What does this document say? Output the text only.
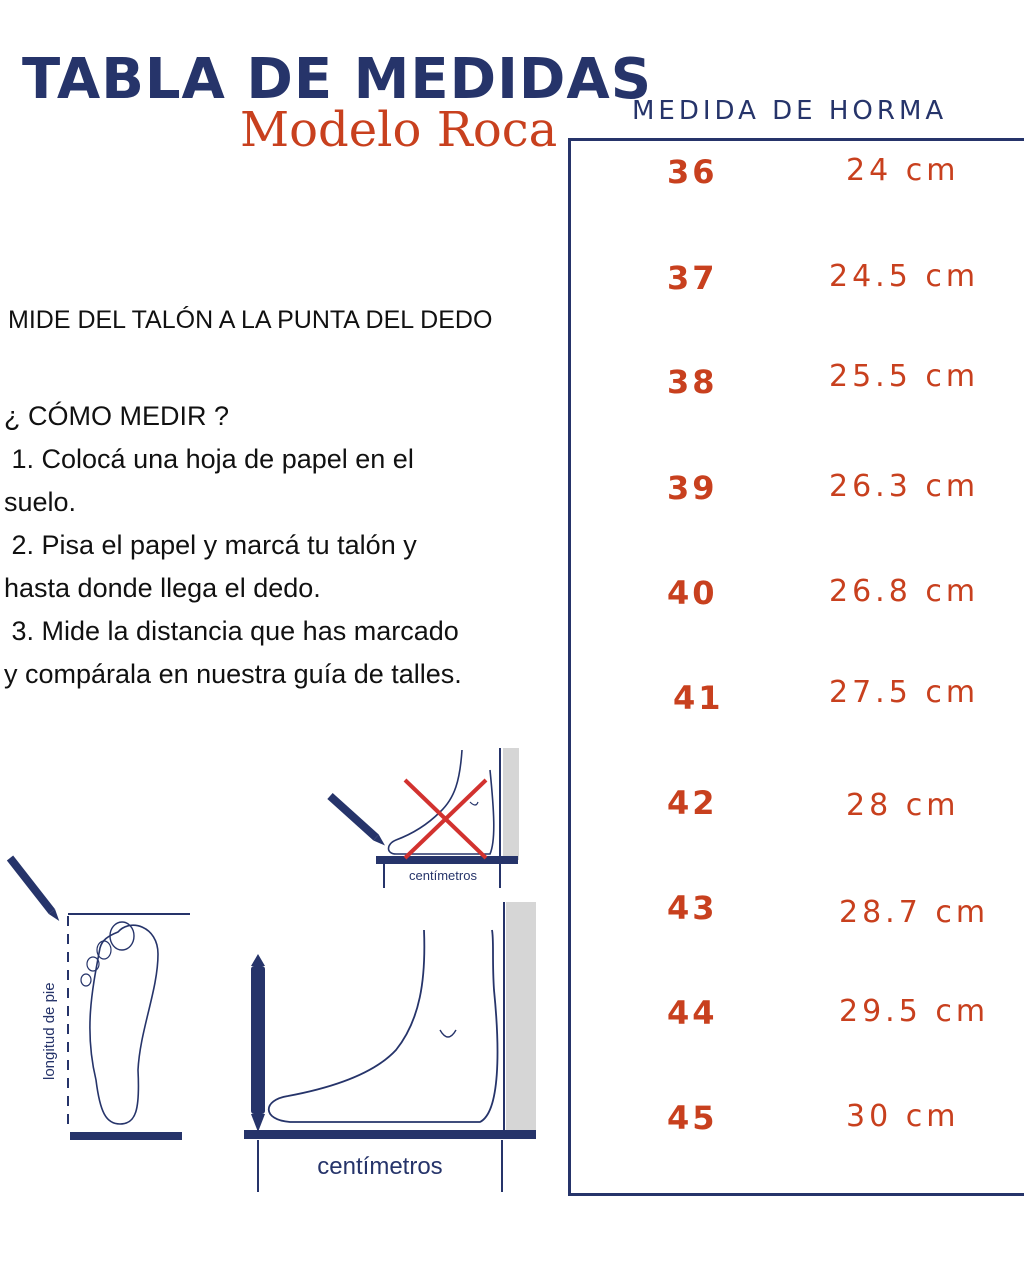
TABLA DE MEDIDAS
Modelo Roca	MEDIDA DE HORMA
36	24 cm
37	24.5 cm
38	25.5 cm
39	26.3 cm
40	26.8 cm
41	27.5 cm
42	28 cm
43	28.7 cm
44	29.5 cm
45	30 cm
MIDE DEL TALÓN A LA PUNTA DEL DEDO
¿ CÓMO MEDIR ?
1. Colocá una hoja de papel en el
suelo.
2. Pisa el papel y marcá tu talón y
hasta donde llega el dedo.
3. Mide la distancia que has marcado
y compárala en nuestra guía de talles.
centímetros
longitud de pie
centímetros
